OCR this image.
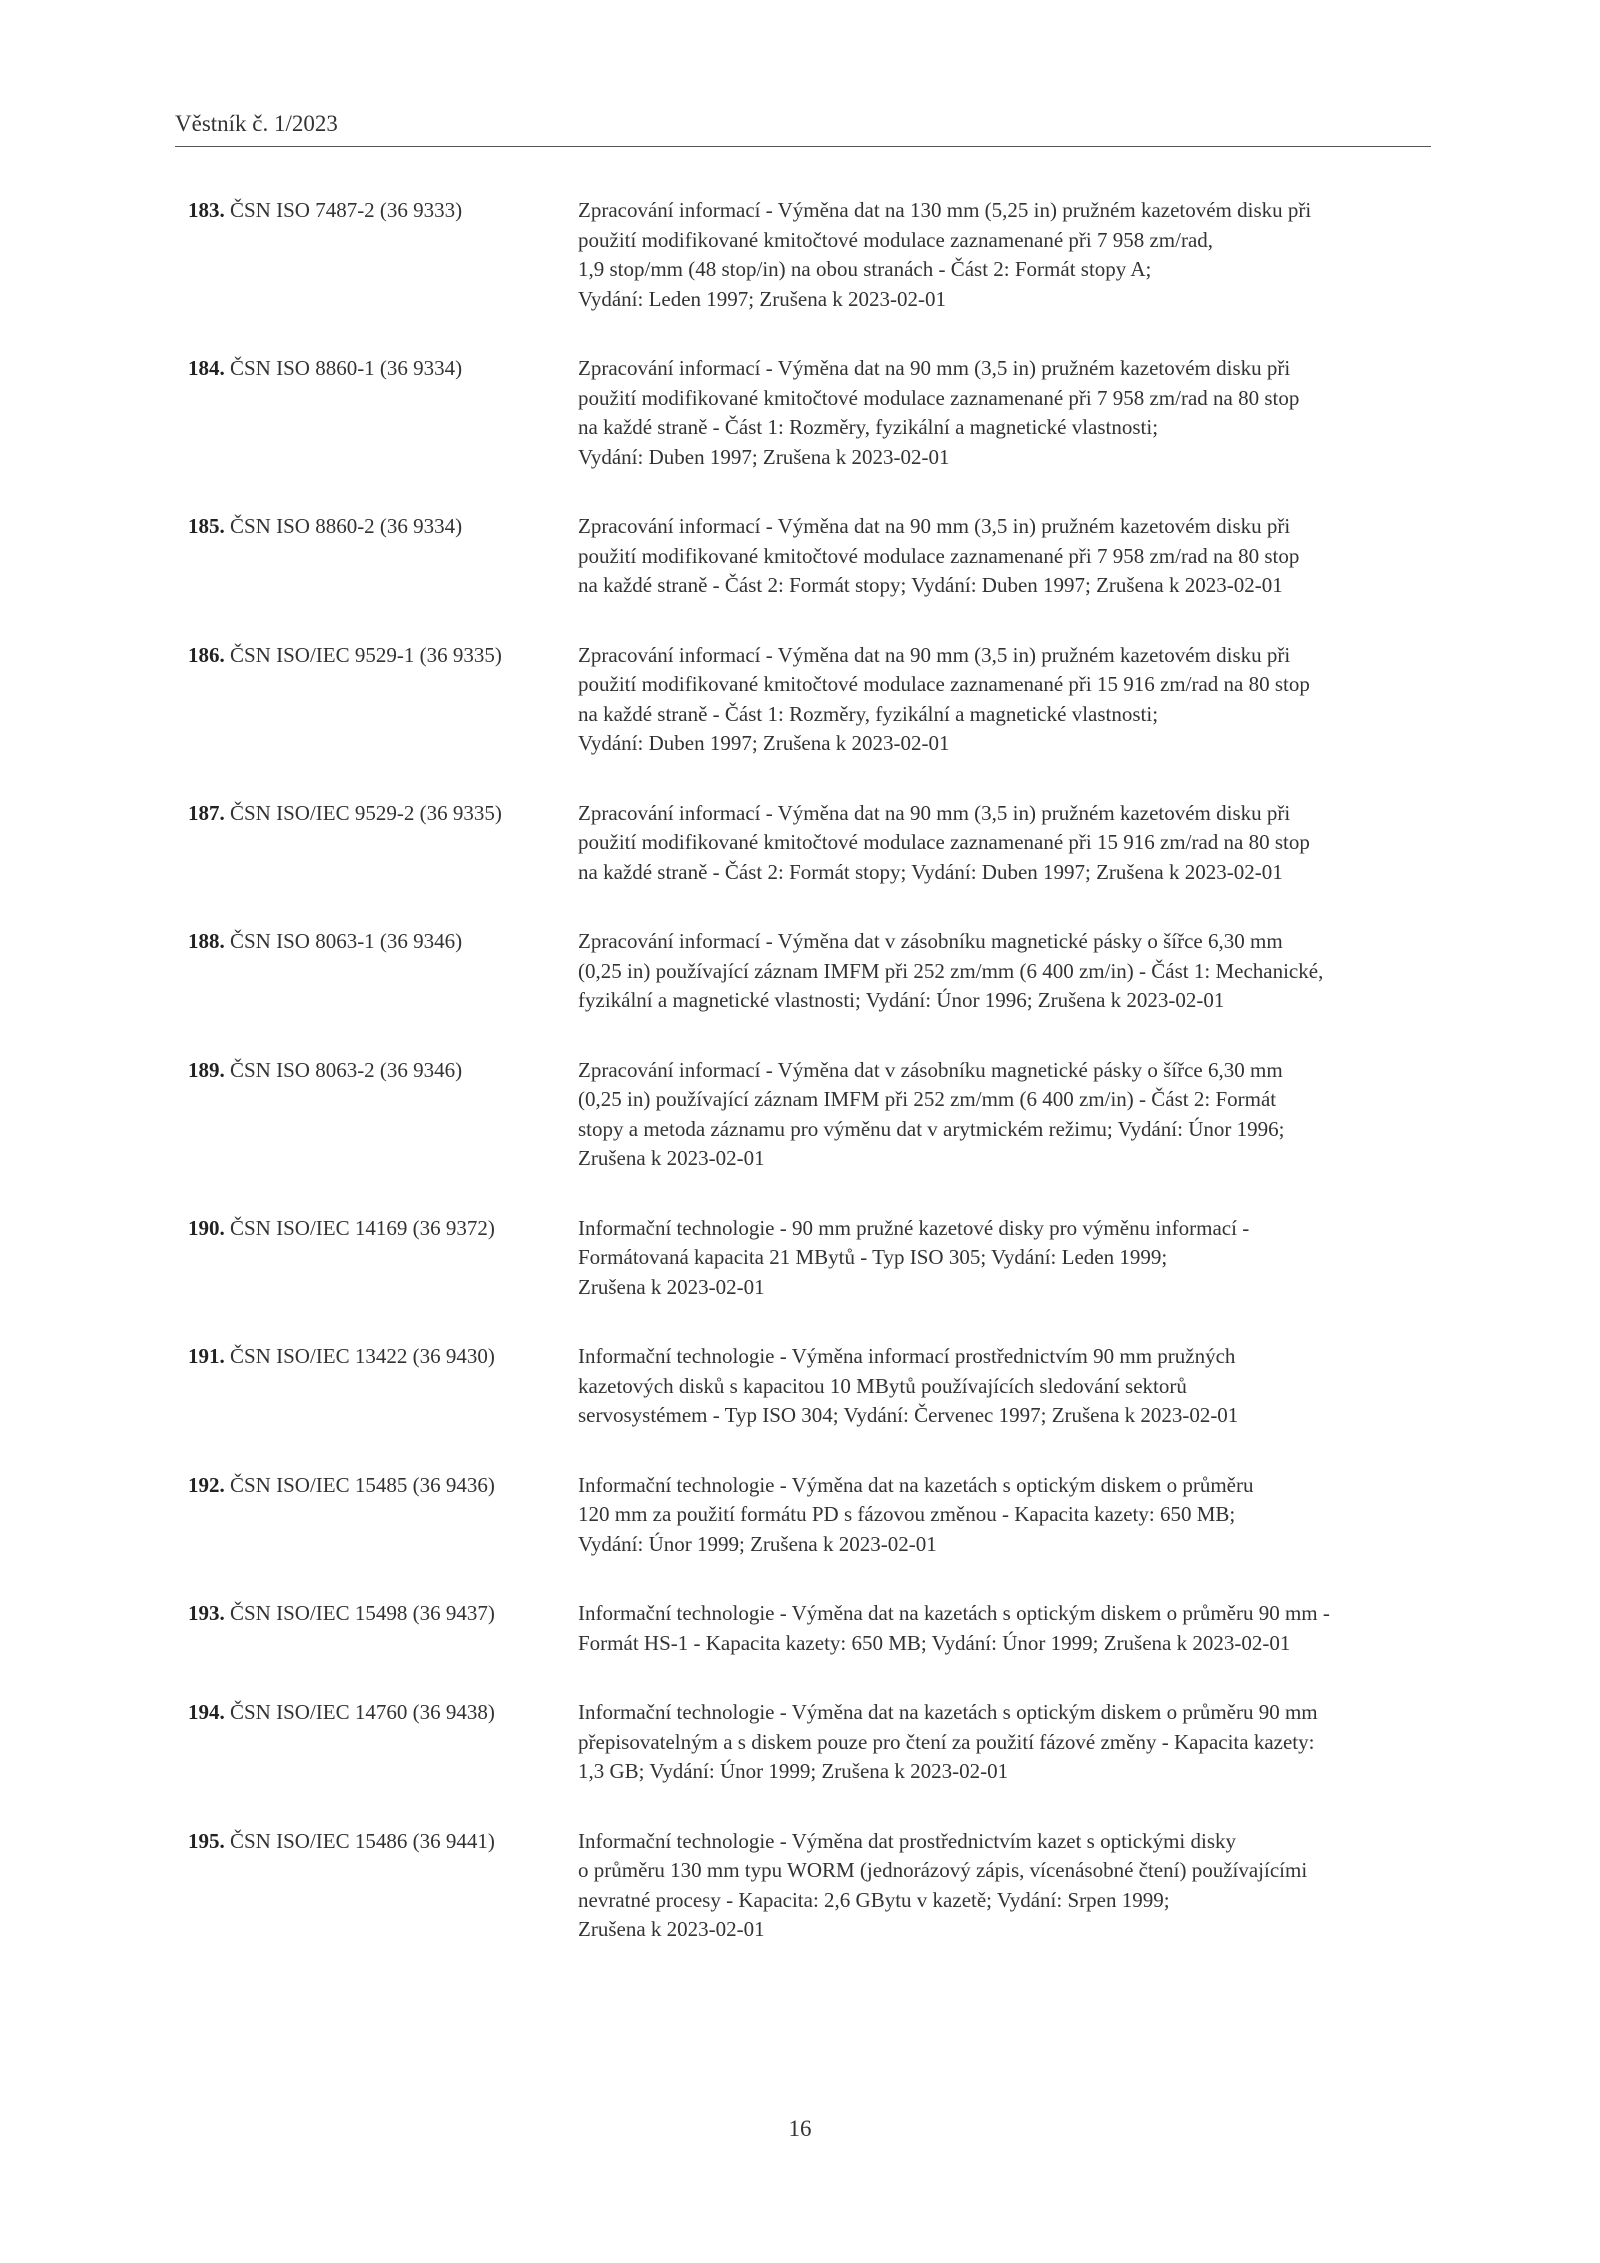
Věstník č. 1/2023
183. ČSN ISO 7487-2 (36 9333)	Zpracování informací - Výměna dat na 130 mm (5,25 in) pružném kazetovém disku při
použití modifikované kmitočtové modulace zaznamenané při 7 958 zm/rad,
1,9 stop/mm (48 stop/in) na obou stranách - Část 2: Formát stopy A;
Vydání: Leden 1997; Zrušena k 2023-02-01
184. ČSN ISO 8860-1 (36 9334)	Zpracování informací - Výměna dat na 90 mm (3,5 in) pružném kazetovém disku při
použití modifikované kmitočtové modulace zaznamenané při 7 958 zm/rad na 80 stop
na každé straně - Část 1: Rozměry, fyzikální a magnetické vlastnosti;
Vydání: Duben 1997; Zrušena k 2023-02-01
185. ČSN ISO 8860-2 (36 9334)	Zpracování informací - Výměna dat na 90 mm (3,5 in) pružném kazetovém disku při
použití modifikované kmitočtové modulace zaznamenané při 7 958 zm/rad na 80 stop
na každé straně - Část 2: Formát stopy; Vydání: Duben 1997; Zrušena k 2023-02-01
186. ČSN ISO/IEC 9529-1 (36 9335)	Zpracování informací - Výměna dat na 90 mm (3,5 in) pružném kazetovém disku při
použití modifikované kmitočtové modulace zaznamenané při 15 916 zm/rad na 80 stop
na každé straně - Část 1: Rozměry, fyzikální a magnetické vlastnosti;
Vydání: Duben 1997; Zrušena k 2023-02-01
187. ČSN ISO/IEC 9529-2 (36 9335)	Zpracování informací - Výměna dat na 90 mm (3,5 in) pružném kazetovém disku při
použití modifikované kmitočtové modulace zaznamenané při 15 916 zm/rad na 80 stop
na každé straně - Část 2: Formát stopy; Vydání: Duben 1997; Zrušena k 2023-02-01
188. ČSN ISO 8063-1 (36 9346)	Zpracování informací - Výměna dat v zásobníku magnetické pásky o šířce 6,30 mm
(0,25 in) používající záznam IMFM při 252 zm/mm (6 400 zm/in) - Část 1: Mechanické,
fyzikální a magnetické vlastnosti; Vydání: Únor 1996; Zrušena k 2023-02-01
189. ČSN ISO 8063-2 (36 9346)	Zpracování informací - Výměna dat v zásobníku magnetické pásky o šířce 6,30 mm
(0,25 in) používající záznam IMFM při 252 zm/mm (6 400 zm/in) - Část 2: Formát
stopy a metoda záznamu pro výměnu dat v arytmickém režimu; Vydání: Únor 1996;
Zrušena k 2023-02-01
190. ČSN ISO/IEC 14169 (36 9372)	Informační technologie - 90 mm pružné kazetové disky pro výměnu informací -
Formátovaná kapacita 21 MBytů - Typ ISO 305; Vydání: Leden 1999;
Zrušena k 2023-02-01
191. ČSN ISO/IEC 13422 (36 9430)	Informační technologie - Výměna informací prostřednictvím 90 mm pružných
kazetových disků s kapacitou 10 MBytů používajících sledování sektorů
servosystémem - Typ ISO 304; Vydání: Červenec 1997; Zrušena k 2023-02-01
192. ČSN ISO/IEC 15485 (36 9436)	Informační technologie - Výměna dat na kazetách s optickým diskem o průměru
120 mm za použití formátu PD s fázovou změnou - Kapacita kazety: 650 MB;
Vydání: Únor 1999; Zrušena k 2023-02-01
193. ČSN ISO/IEC 15498 (36 9437)	Informační technologie - Výměna dat na kazetách s optickým diskem o průměru 90 mm -
Formát HS-1 - Kapacita kazety: 650 MB; Vydání: Únor 1999; Zrušena k 2023-02-01
194. ČSN ISO/IEC 14760 (36 9438)	Informační technologie - Výměna dat na kazetách s optickým diskem o průměru 90 mm
přepisovatelným a s diskem pouze pro čtení za použití fázové změny - Kapacita kazety:
1,3 GB; Vydání: Únor 1999; Zrušena k 2023-02-01
195. ČSN ISO/IEC 15486 (36 9441)	Informační technologie - Výměna dat prostřednictvím kazet s optickými disky
o průměru 130 mm typu WORM (jednorázový zápis, vícenásobné čtení) používajícími
nevratné procesy - Kapacita: 2,6 GBytu v kazetě; Vydání: Srpen 1999;
Zrušena k 2023-02-01
16
